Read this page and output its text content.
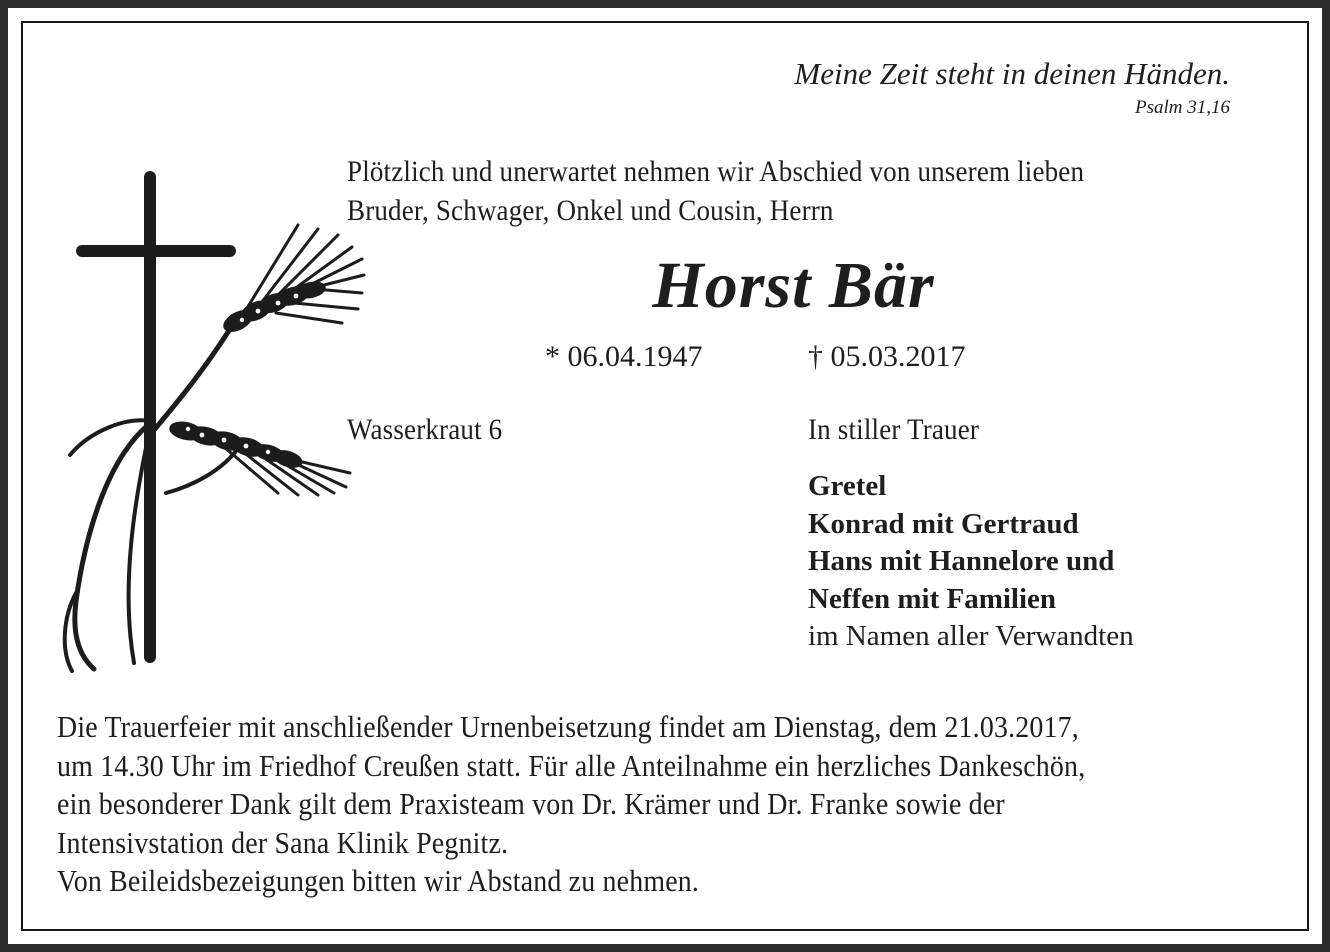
Meine Zeit steht in deinen Händen.
Psalm 31,16
Plötzlich und unerwartet nehmen wir Abschied von unserem lieben
Bruder, Schwager, Onkel und Cousin, Herrn
Horst Bär
* 06.04.1947	† 05.03.2017
Wasserkraut 6	In stiller Trauer
Gretel
Konrad mit Gertraud
Hans mit Hannelore und
Neffen mit Familien
im Namen aller Verwandten
Die Trauerfeier mit anschließender Urnenbeisetzung findet am Dienstag, dem 21.03.2017,
um 14.30 Uhr im Friedhof Creußen statt. Für alle Anteilnahme ein herzliches Dankeschön,
ein besonderer Dank gilt dem Praxisteam von Dr. Krämer und Dr. Franke sowie der
Intensivstation der Sana Klinik Pegnitz.
Von Beileidsbezeigungen bitten wir Abstand zu nehmen.
